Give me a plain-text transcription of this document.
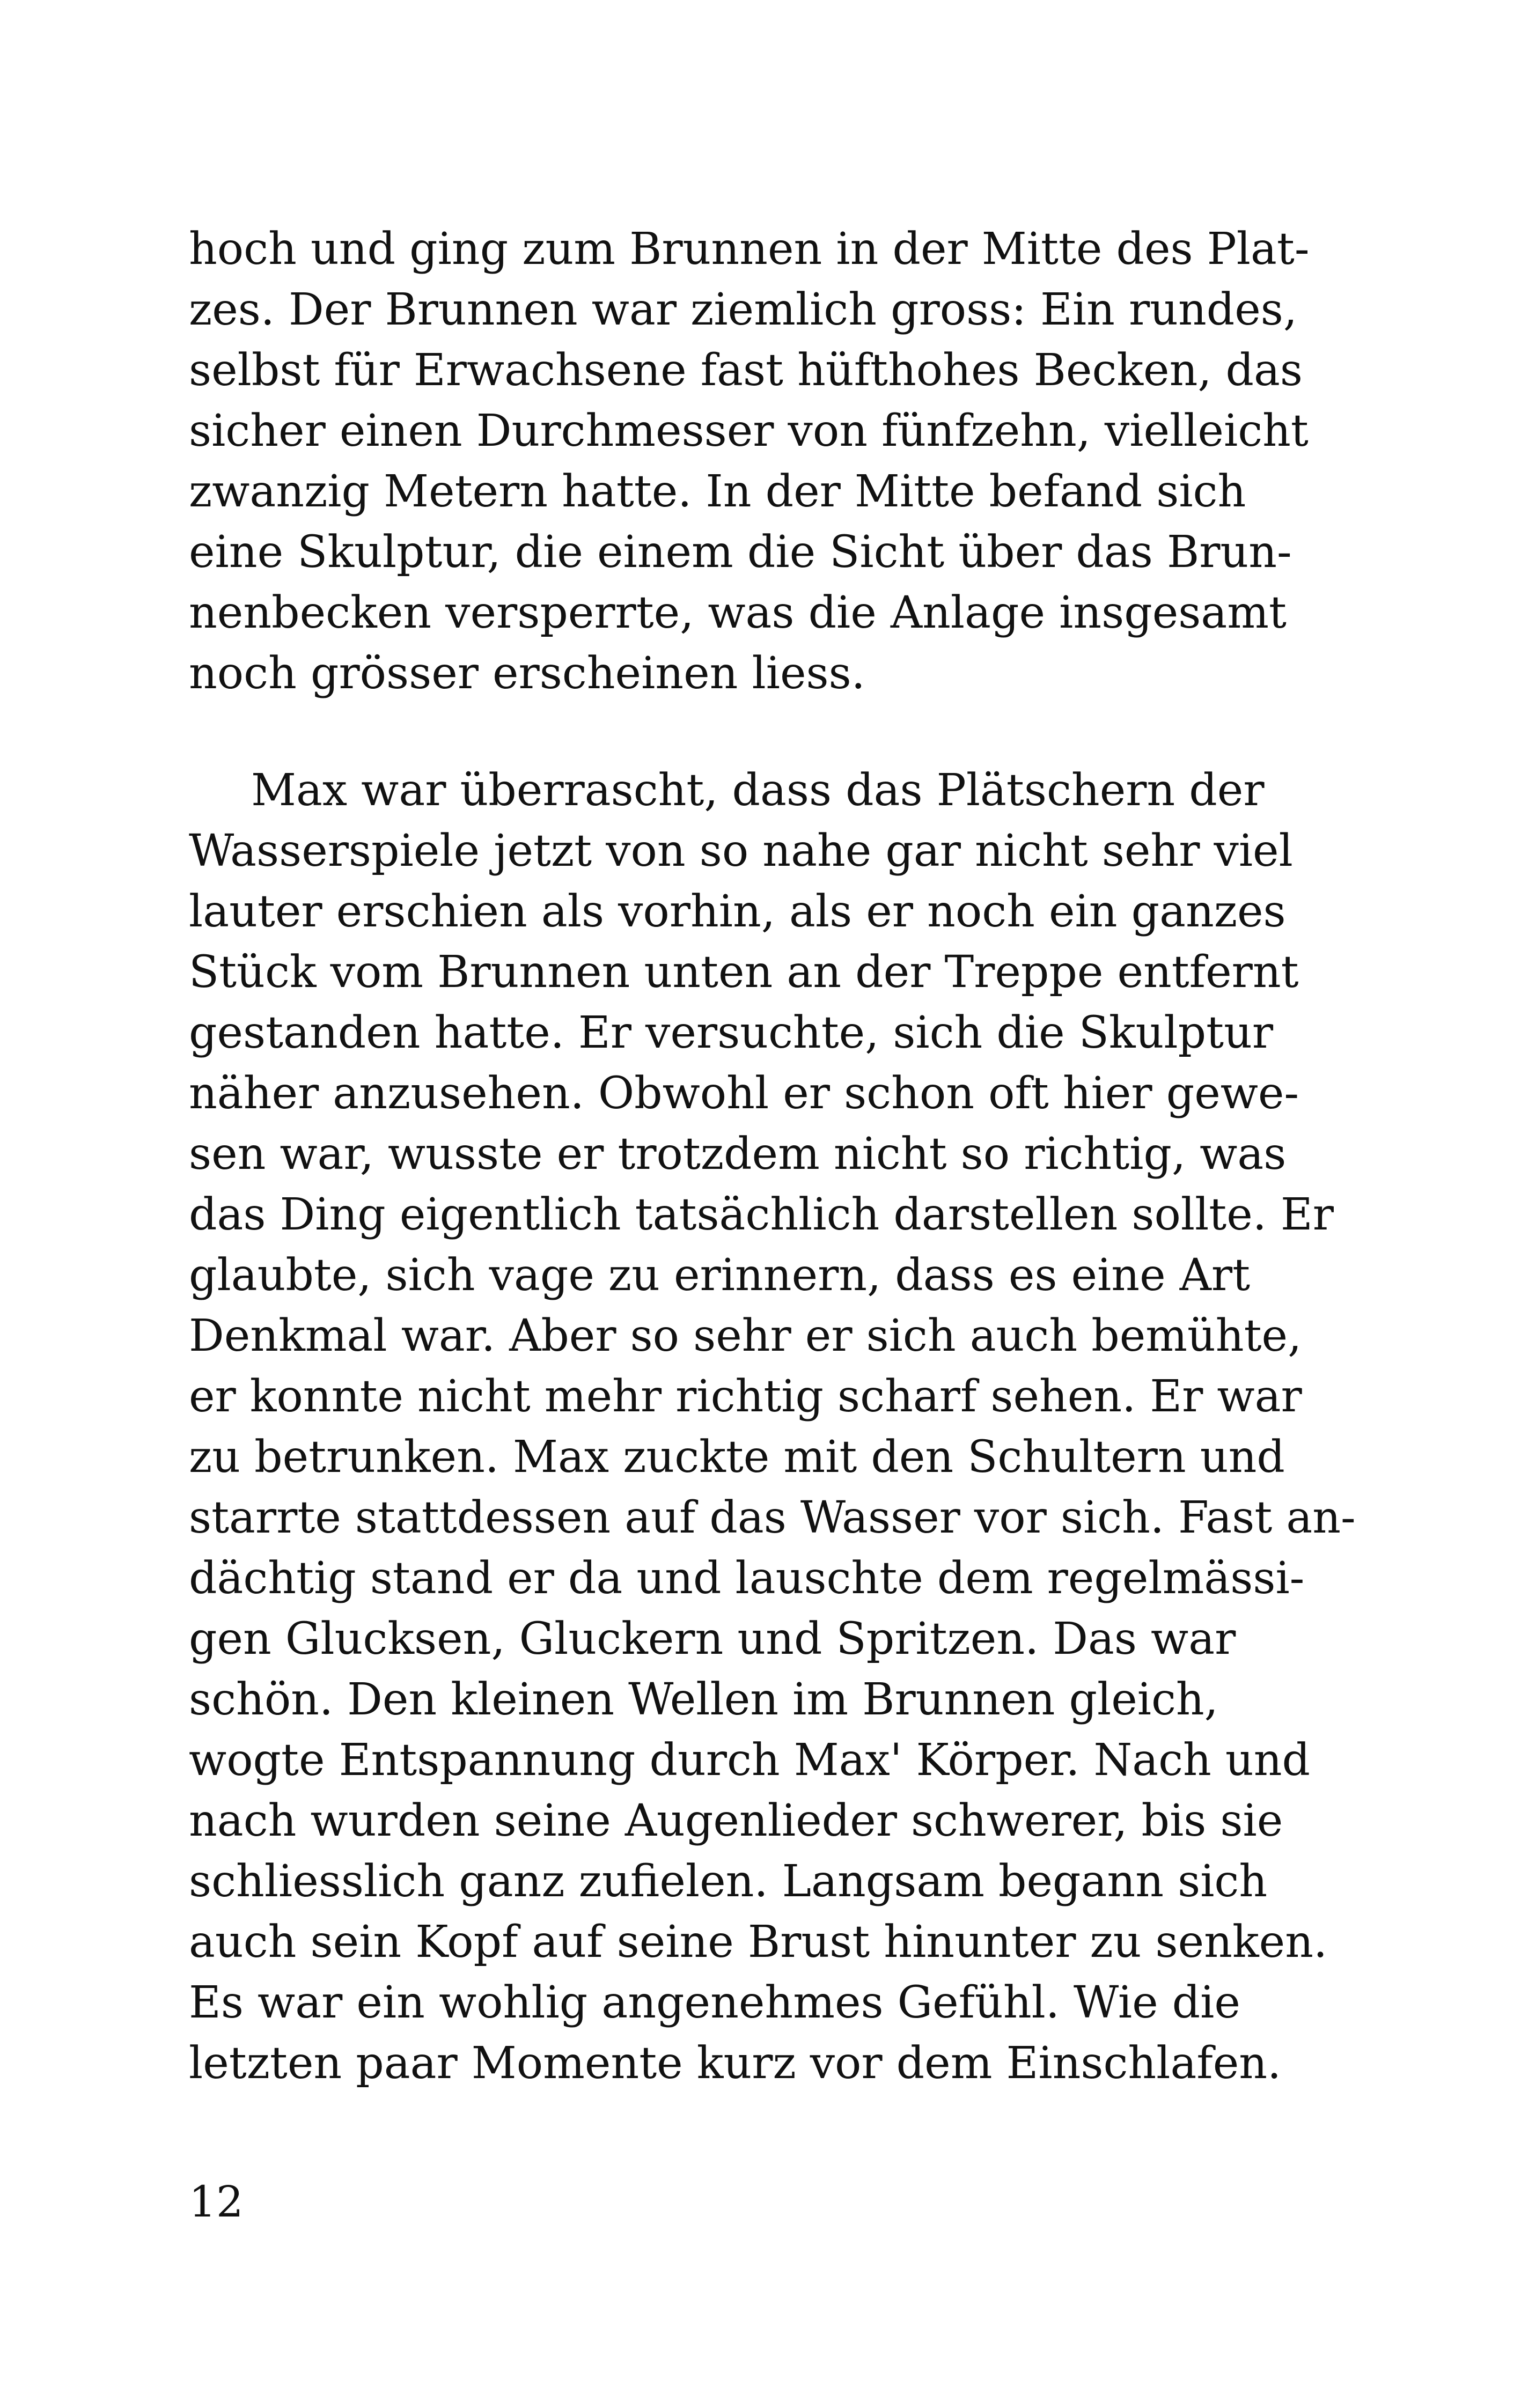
hoch und ging zum Brunnen in der Mitte des Plat-
zes. Der Brunnen war ziemlich gross: Ein rundes,
selbst für Erwachsene fast hüfthohes Becken, das
sicher einen Durchmesser von fünfzehn, vielleicht
zwanzig Metern hatte. In der Mitte befand sich
eine Skulptur, die einem die Sicht über das Brun-
nenbecken versperrte, was die Anlage insgesamt
noch grösser erscheinen liess.
Max war überrascht, dass das Plätschern der
Wasserspiele jetzt von so nahe gar nicht sehr viel
lauter erschien als vorhin, als er noch ein ganzes
Stück vom Brunnen unten an der Treppe entfernt
gestanden hatte. Er versuchte, sich die Skulptur
näher anzusehen. Obwohl er schon oft hier gewe-
sen war, wusste er trotzdem nicht so richtig, was
das Ding eigentlich tatsächlich darstellen sollte. Er
glaubte, sich vage zu erinnern, dass es eine Art
Denkmal war. Aber so sehr er sich auch bemühte,
er konnte nicht mehr richtig scharf sehen. Er war
zu betrunken. Max zuckte mit den Schultern und
starrte stattdessen auf das Wasser vor sich. Fast an-
dächtig stand er da und lauschte dem regelmässi-
gen Glucksen, Gluckern und Spritzen. Das war
schön. Den kleinen Wellen im Brunnen gleich,
wogte Entspannung durch Max' Körper. Nach und
nach wurden seine Augenlieder schwerer, bis sie
schliesslich ganz zufielen. Langsam begann sich
auch sein Kopf auf seine Brust hinunter zu senken.
Es war ein wohlig angenehmes Gefühl. Wie die
letzten paar Momente kurz vor dem Einschlafen.
12
